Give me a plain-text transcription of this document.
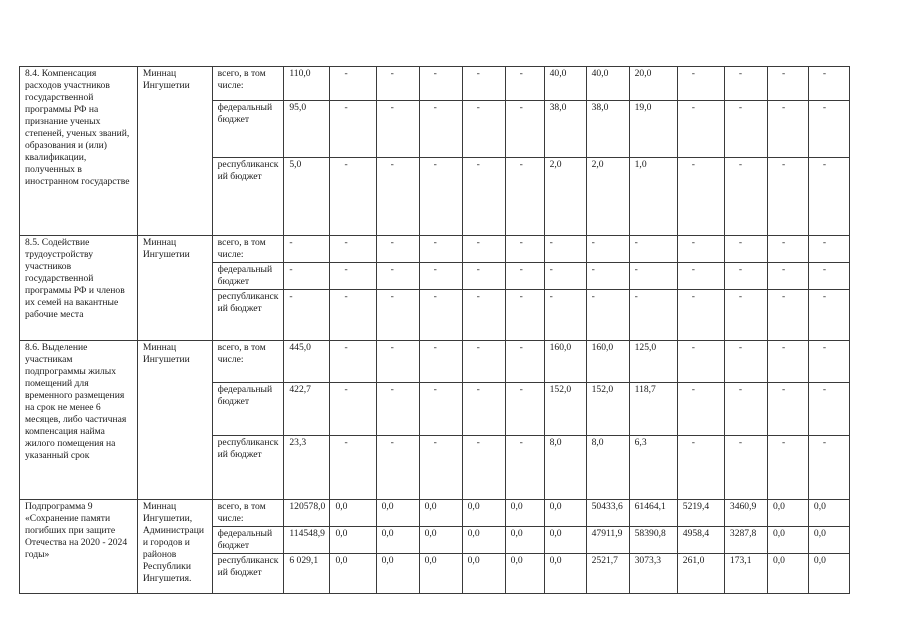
8.4. Компенсация расходов участников государственной программы РФ на признание ученых степеней, ученых званий, образования и (или) квалификации, полученных в иностранном государстве	Миннац Ингушетии	всего, в том числе:	110,0	-	-	-	-	-	40,0	40,0	20,0	-	-	-	-

		федеральный бюджет	95,0	-	-	-	-	-	38,0	38,0	19,0	-	-	-	-

		республиканский бюджет	5,0	-	-	-	-	-	2,0	2,0	1,0	-	-	-	-

8.5. Содействие трудоустройству участников государственной программы РФ и членов их семей на вакантные рабочие места	Миннац Ингушетии	всего, в том числе:	-	-	-	-	-	-	-	-	-	-	-	-	-

		федеральный бюджет	-	-	-	-	-	-	-	-	-	-	-	-	-

		республиканский бюджет	-	-	-	-	-	-	-	-	-	-	-	-	-

8.6. Выделение участникам подпрограммы жилых помещений для временного размещения на срок не менее 6 месяцев, либо частичная компенсация найма жилого помещения на указанный срок	Миннац Ингушетии	всего, в том числе:	445,0	-	-	-	-	-	160,0	160,0	125,0	-	-	-	-

		федеральный бюджет	422,7	-	-	-	-	-	152,0	152,0	118,7	-	-	-	-

		республиканский бюджет	23,3	-	-	-	-	-	8,0	8,0	6,3	-	-	-	-

Подпрограмма 9 «Сохранение памяти погибших при защите Отечества на 2020 - 2024 годы»	Миннац Ингушетии, Администрации городов и районов Республики Ингушетия.	всего, в том числе:	120578,0	0,0	0,0	0,0	0,0	0,0	0,0	50433,6	61464,1	5219,4	3460,9	0,0	0,0

		федеральный бюджет	114548,9	0,0	0,0	0,0	0,0	0,0	0,0	47911,9	58390,8	4958,4	3287,8	0,0	0,0

		республиканский бюджет	6 029,1	0,0	0,0	0,0	0,0	0,0	0,0	2521,7	3073,3	261,0	173,1	0,0	0,0
